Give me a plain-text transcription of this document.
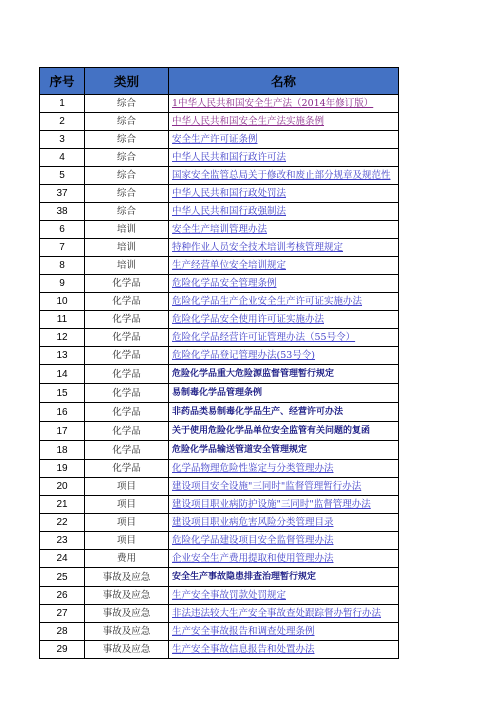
序号	类别	名称
1	综合	1中华人民共和国安全生产法（2014年修订版）
2	综合	中华人民共和国安全生产法实施条例
3	综合	安全生产许可证条例
4	综合	中华人民共和国行政许可法
5	综合	国家安全监管总局关于修改和废止部分规章及规范性
37	综合	中华人民共和国行政处罚法
38	综合	中华人民共和国行政强制法
6	培训	安全生产培训管理办法
7	培训	特种作业人员安全技术培训考核管理规定
8	培训	生产经营单位安全培训规定
9	化学品	危险化学品安全管理条例
10	化学品	危险化学品生产企业安全生产许可证实施办法
11	化学品	危险化学品安全使用许可证实施办法
12	化学品	危险化学品经营许可证管理办法（55号令）
13	化学品	危险化学品登记管理办法(53号令)
14	化学品	危险化学品重大危险源监督管理暂行规定
15	化学品	易制毒化学品管理条例
16	化学品	非药品类易制毒化学品生产、经营许可办法
17	化学品	关于使用危险化学品单位安全监管有关问题的复函
18	化学品	危险化学品输送管道安全管理规定
19	化学品	化学品物理危险性鉴定与分类管理办法
20	项目	建设项目安全设施"三同时"监督管理暂行办法
21	项目	建设项目职业病防护设施"三同时"监督管理办法
22	项目	建设项目职业病危害风险分类管理目录
23	项目	危险化学品建设项目安全监督管理办法
24	费用	企业安全生产费用提取和使用管理办法
25	事故及应急	安全生产事故隐患排查治理暂行规定
26	事故及应急	生产安全事故罚款处罚规定
27	事故及应急	非法违法较大生产安全事故查处跟踪督办暂行办法
28	事故及应急	生产安全事故报告和调查处理条例
29	事故及应急	生产安全事故信息报告和处置办法
